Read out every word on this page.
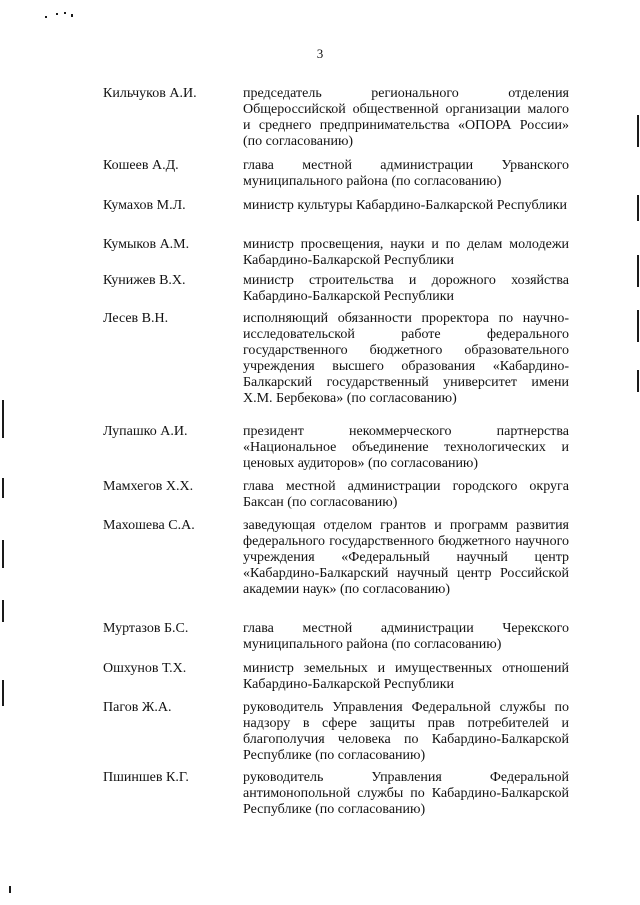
3
Кильчуков А.И.	председатель регионального отделения Общероссийской общественной организации малого и среднего предпринимательства «ОПОРА России» (по согласованию)
Кошеев А.Д.	глава местной администрации Урванского муниципального района (по согласованию)
Кумахов М.Л.	министр культуры Кабардино-Балкарской Республики
Кумыков А.М.	министр просвещения, науки и по делам молодежи Кабардино-Балкарской Республики
Кунижев В.Х.	министр строительства и дорожного хозяйства Кабардино-Балкарской Республики
Лесев В.Н.	исполняющий обязанности проректора по научно-исследовательской работе федерального государственного бюджетного образовательного учреждения высшего образования «Кабардино-Балкарский государственный университет имени Х.М. Бербекова» (по согласованию)
Лупашко А.И.	президент некоммерческого партнерства «Национальное объединение технологических и ценовых аудиторов» (по согласованию)
Мамхегов Х.Х.	глава местной администрации городского округа Баксан (по согласованию)
Махошева С.А.	заведующая отделом грантов и программ развития федерального государственного бюджетного научного учреждения «Федеральный научный центр «Кабардино-Балкарский научный центр Российской академии наук» (по согласованию)
Муртазов Б.С.	глава местной администрации Черекского муниципального района (по согласованию)
Ошхунов Т.Х.	министр земельных и имущественных отношений Кабардино-Балкарской Республики
Пагов Ж.А.	руководитель Управления Федеральной службы по надзору в сфере защиты прав потребителей и благополучия человека по Кабардино-Балкарской Республике (по согласованию)
Пшиншев К.Г.	руководитель Управления Федеральной антимонопольной службы по Кабардино-Балкарской Республике (по согласованию)
